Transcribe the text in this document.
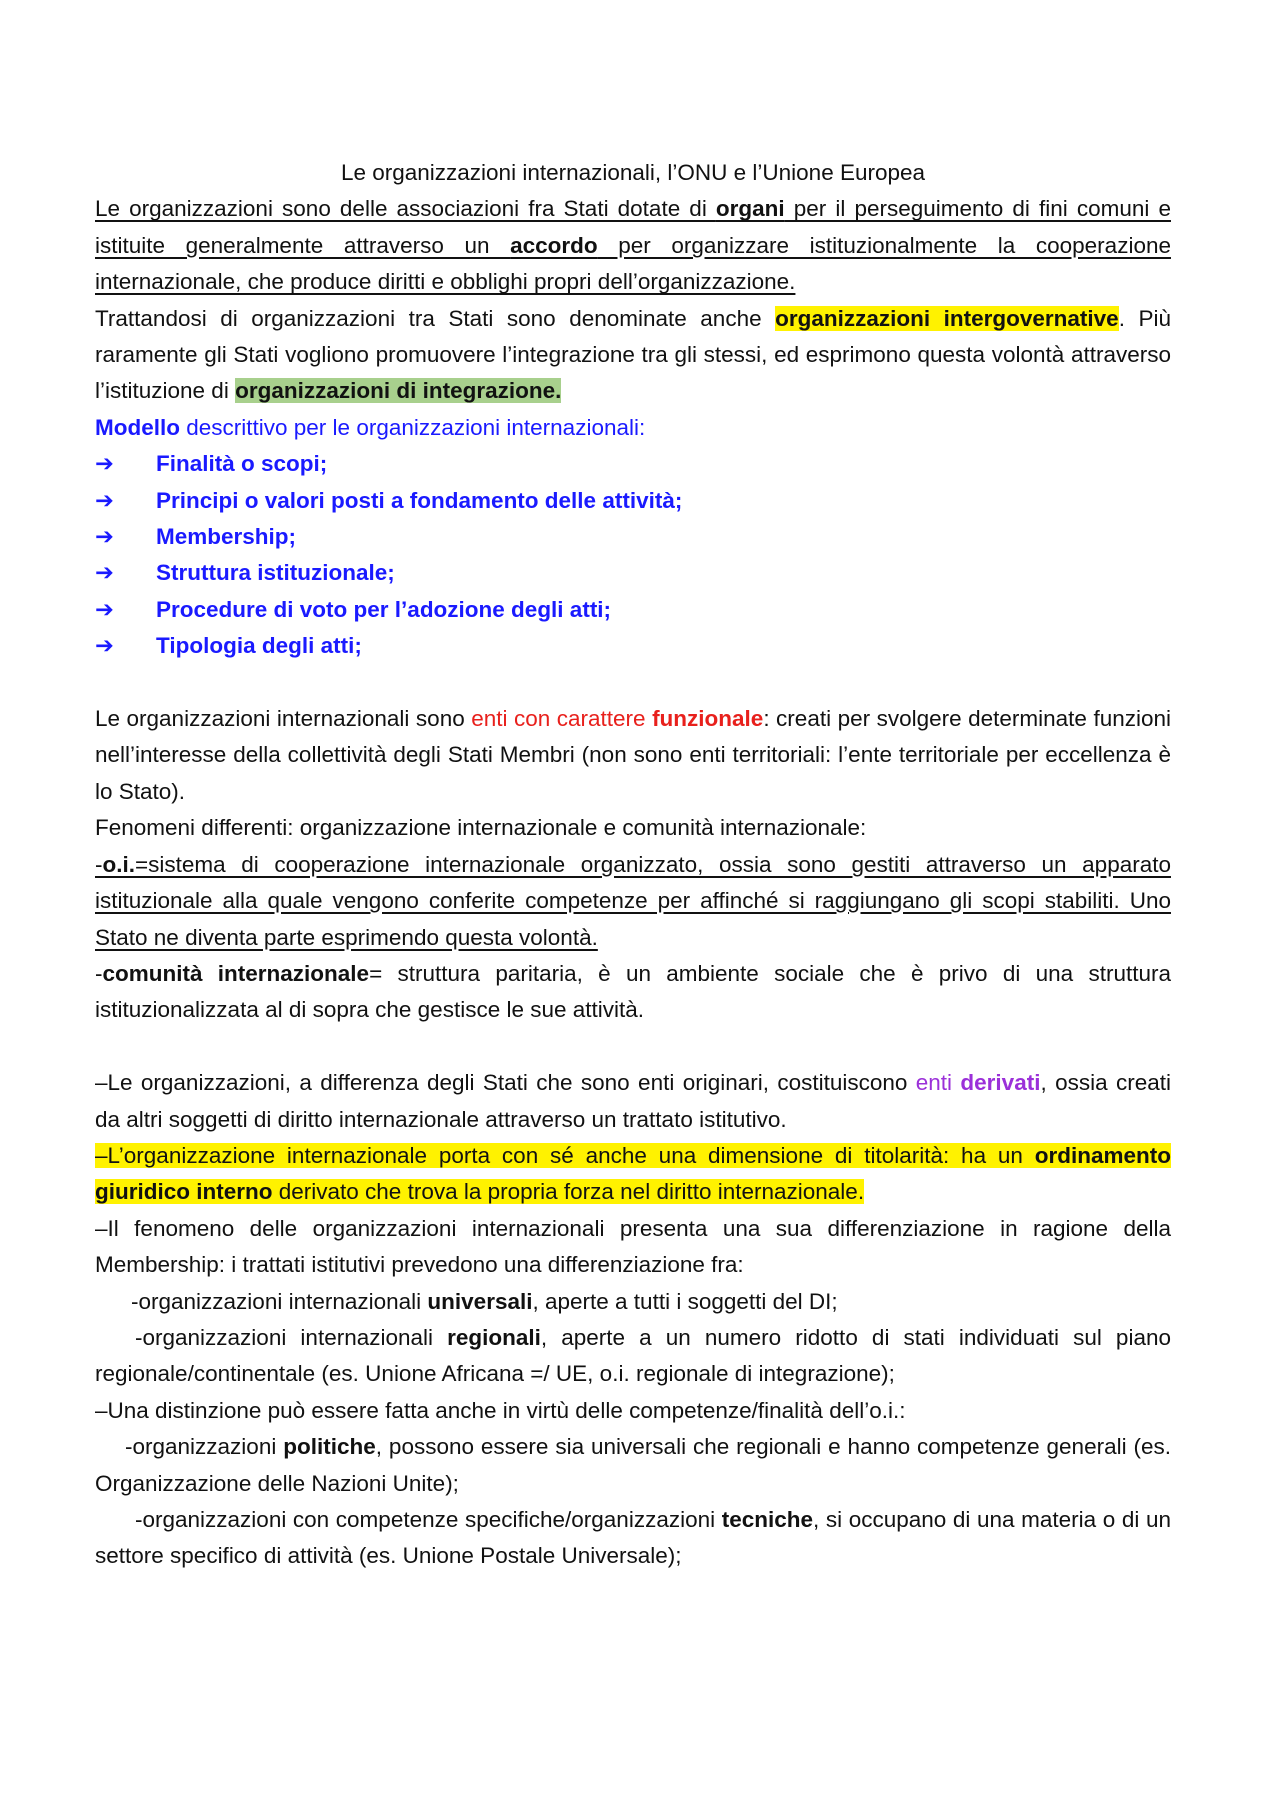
Le organizzazioni internazionali, l’ONU e l’Unione Europea

Le organizzazioni sono delle associazioni fra Stati dotate di organi per il perseguimento di fini comuni e istituite generalmente attraverso un accordo per organizzare istituzionalmente la cooperazione internazionale, che produce diritti e obblighi propri dell’organizzazione.

Trattandosi di organizzazioni tra Stati sono denominate anche organizzazioni intergovernative. Più raramente gli Stati vogliono promuovere l’integrazione tra gli stessi, ed esprimono questa volontà attraverso l’istituzione di organizzazioni di integrazione.

Modello descrittivo per le organizzazioni internazionali:

➔	Finalità o scopi;
➔	Principi o valori posti a fondamento delle attività;
➔	Membership;
➔	Struttura istituzionale;
➔	Procedure di voto per l’adozione degli atti;
➔	Tipologia degli atti;

Le organizzazioni internazionali sono enti con carattere funzionale: creati per svolgere determinate funzioni nell’interesse della collettività degli Stati Membri (non sono enti territoriali: l’ente territoriale per eccellenza è lo Stato).

Fenomeni differenti: organizzazione internazionale e comunità internazionale:

-o.i.=sistema di cooperazione internazionale organizzato, ossia sono gestiti attraverso un apparato istituzionale alla quale vengono conferite competenze per affinché si raggiungano gli scopi stabiliti. Uno Stato ne diventa parte esprimendo questa volontà.

-comunità internazionale= struttura paritaria, è un ambiente sociale che è privo di una struttura istituzionalizzata al di sopra che gestisce le sue attività.

–Le organizzazioni, a differenza degli Stati che sono enti originari, costituiscono enti derivati, ossia creati da altri soggetti di diritto internazionale attraverso un trattato istitutivo.

–L’organizzazione internazionale porta con sé anche una dimensione di titolarità: ha un ordinamento giuridico interno derivato che trova la propria forza nel diritto internazionale.

–Il fenomeno delle organizzazioni internazionali presenta una sua differenziazione in ragione della Membership: i trattati istitutivi prevedono una differenziazione fra:

-organizzazioni internazionali universali, aperte a tutti i soggetti del DI;

-organizzazioni internazionali regionali, aperte a un numero ridotto di stati individuati sul piano regionale/continentale (es. Unione Africana =/ UE, o.i. regionale di integrazione);

–Una distinzione può essere fatta anche in virtù delle competenze/finalità dell’o.i.:

-organizzazioni politiche, possono essere sia universali che regionali e hanno competenze generali (es. Organizzazione delle Nazioni Unite);

-organizzazioni con competenze specifiche/organizzazioni tecniche, si occupano di una materia o di un settore specifico di attività (es. Unione Postale Universale);
